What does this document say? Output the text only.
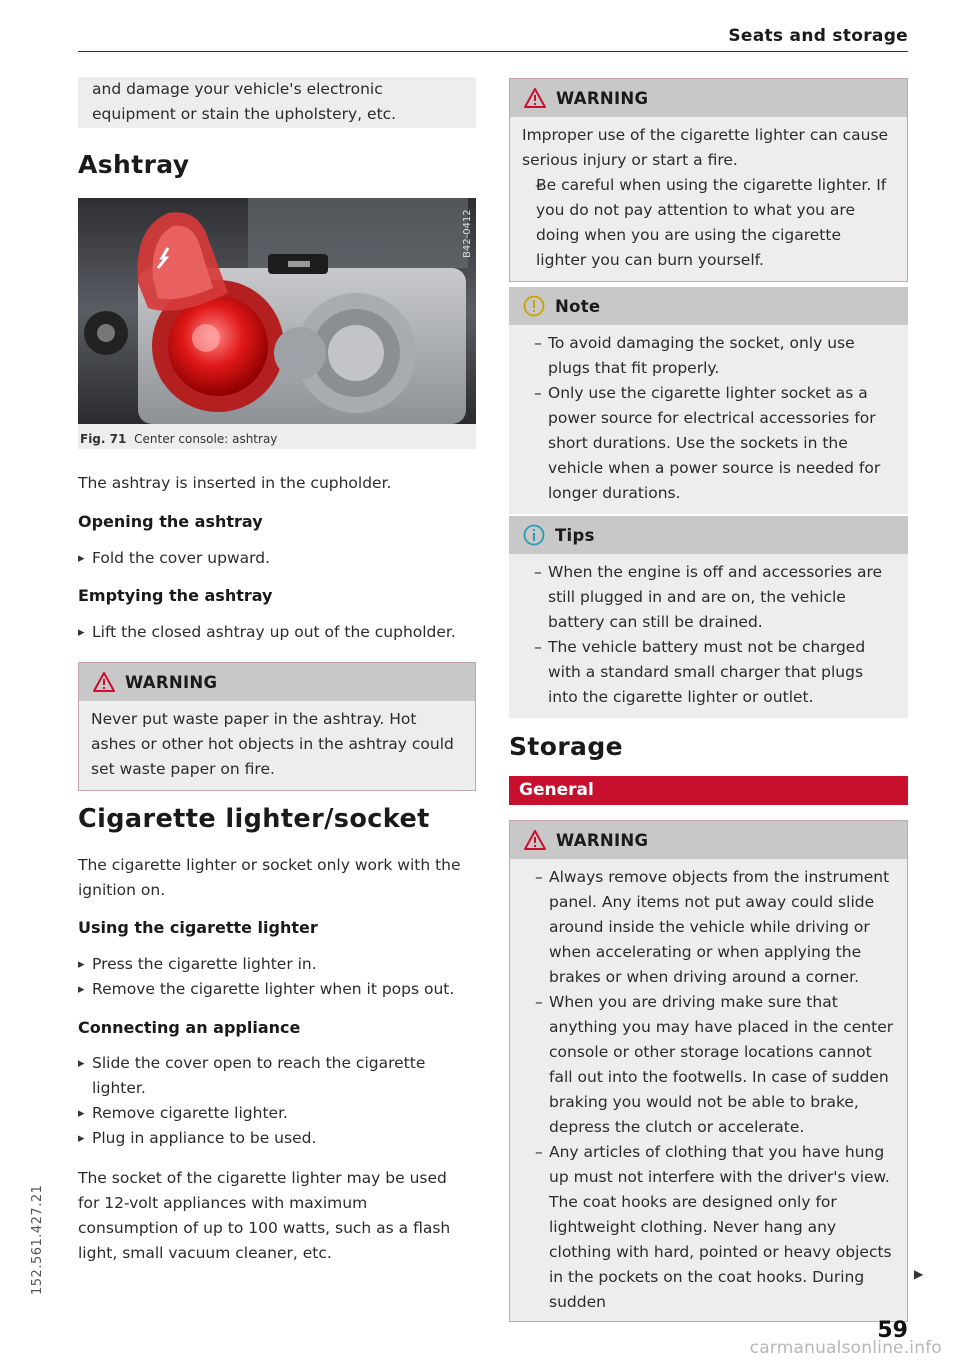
Seats and storage

and damage your vehicle's electronic equipment or stain the upholstery, etc.

Ashtray
B42-0412
Fig. 71 Center console: ashtray

The ashtray is inserted in the cupholder.

Opening the ashtray
▸ Fold the cover upward.
Emptying the ashtray
▸ Lift the closed ashtray up out of the cupholder.
WARNING

Never put waste paper in the ashtray. Hot ashes or other hot objects in the ashtray could set waste paper on fire.

Cigarette lighter/socket

The cigarette lighter or socket only work with the ignition on.

Using the cigarette lighter
▸ Press the cigarette lighter in.
▸ Remove the cigarette lighter when it pops out.
Connecting an appliance
▸ Slide the cover open to reach the cigarette lighter.
▸ Remove cigarette lighter.
▸ Plug in appliance to be used.

The socket of the cigarette lighter may be used for 12-volt appliances with maximum consumption of up to 100 watts, such as a flash light, small vacuum cleaner, etc.

WARNING

Improper use of the cigarette lighter can cause serious injury or start a fire.

– Be careful when using the cigarette lighter. If you do not pay attention to what you are doing when you are using the cigarette lighter you can burn yourself.
Note
– To avoid damaging the socket, only use plugs that fit properly.
– Only use the cigarette lighter socket as a power source for electrical accessories for short durations. Use the sockets in the vehicle when a power source is needed for longer durations.
Tips
– When the engine is off and accessories are still plugged in and are on, the vehicle battery can still be drained.
– The vehicle battery must not be charged with a standard small charger that plugs into the cigarette lighter or outlet.
Storage
General
WARNING
– Always remove objects from the instrument panel. Any items not put away could slide around inside the vehicle while driving or when accelerating or when applying the brakes or when driving around a corner.
– When you are driving make sure that anything you may have placed in the center console or other storage locations cannot fall out into the footwells. In case of sudden braking you would not be able to brake, depress the clutch or accelerate.
– Any articles of clothing that you have hung up must not interfere with the driver's view. The coat hooks are designed only for lightweight clothing. Never hang any clothing with hard, pointed or heavy objects in the pockets on the coat hooks. During sudden
▶
59
152.561.427.21
carmanualsonline.info
